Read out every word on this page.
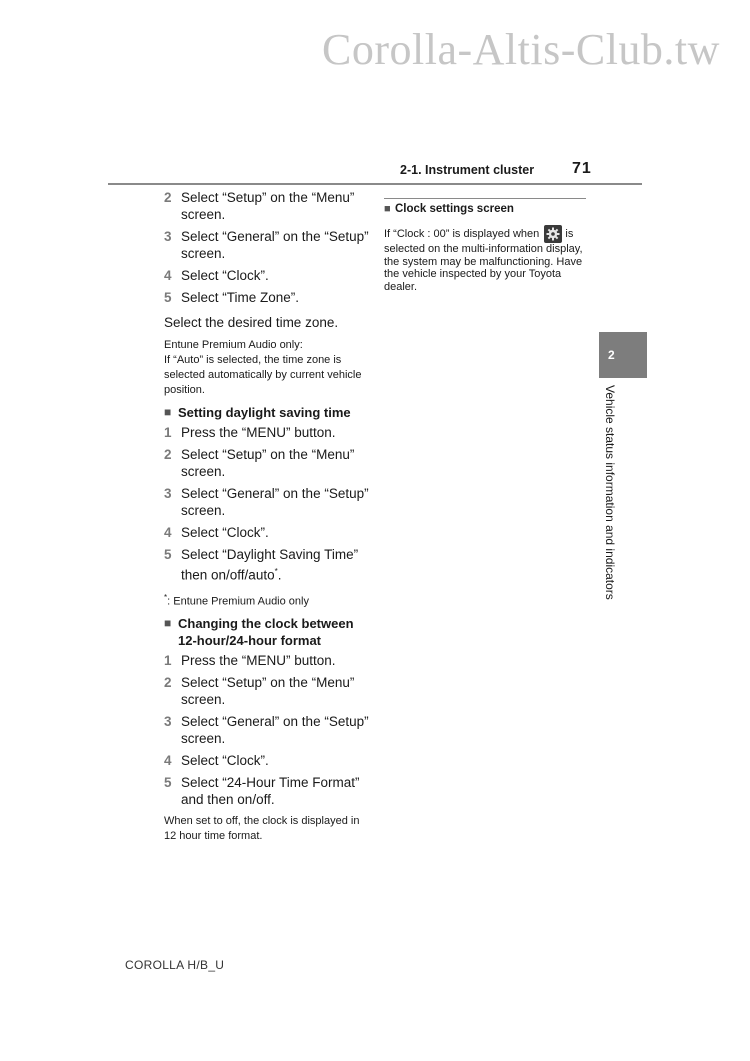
Corolla-Altis-Club.tw
2-1. Instrument cluster 71
2 Select “Setup” on the “Menu” screen.
3 Select “General” on the “Setup” screen.
4 Select “Clock”.
5 Select “Time Zone”.
Select the desired time zone.
Entune Premium Audio only:
If “Auto” is selected, the time zone is selected automatically by current vehicle position.
■ Setting daylight saving time
1 Press the “MENU” button.
2 Select “Setup” on the “Menu” screen.
3 Select “General” on the “Setup” screen.
4 Select “Clock”.
5 Select “Daylight Saving Time” then on/off/auto*.
*: Entune Premium Audio only
■ Changing the clock between 12-hour/24-hour format
1 Press the “MENU” button.
2 Select “Setup” on the “Menu” screen.
3 Select “General” on the “Setup” screen.
4 Select “Clock”.
5 Select “24-Hour Time Format” and then on/off.
When set to off, the clock is displayed in 12 hour time format.
■ Clock settings screen
If “Clock : 00” is displayed when is selected on the multi-information display, the system may be malfunctioning. Have the vehicle inspected by your Toyota dealer.
2
Vehicle status information and indicators
COROLLA H/B_U
